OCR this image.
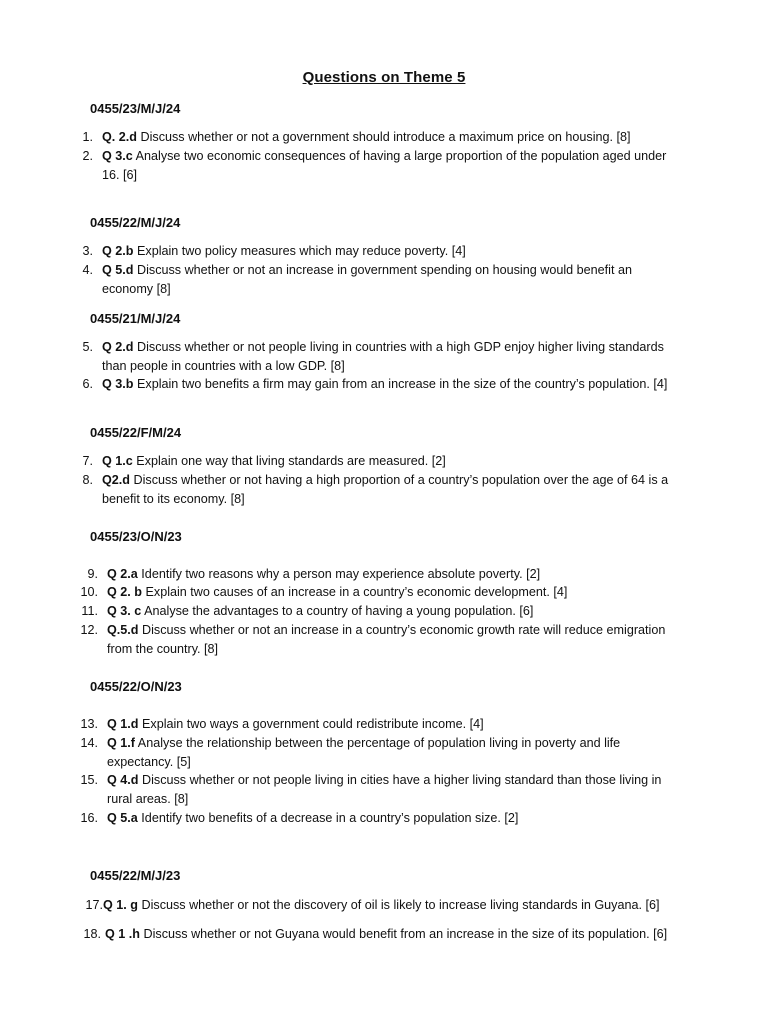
Questions on Theme 5
0455/23/M/J/24
1. Q. 2.d Discuss whether or not a government should introduce a maximum price on housing. [8]
2. Q 3.c Analyse two economic consequences of having a large proportion of the population aged under 16. [6]
0455/22/M/J/24
3. Q 2.b Explain two policy measures which may reduce poverty. [4]
4. Q 5.d Discuss whether or not an increase in government spending on housing would benefit an economy [8]
0455/21/M/J/24
5. Q 2.d Discuss whether or not people living in countries with a high GDP enjoy higher living standards than people in countries with a low GDP. [8]
6. Q 3.b Explain two benefits a firm may gain from an increase in the size of the country’s population. [4]
0455/22/F/M/24
7. Q 1.c Explain one way that living standards are measured. [2]
8. Q2.d Discuss whether or not having a high proportion of a country’s population over the age of 64 is a benefit to its economy. [8]
0455/23/O/N/23
9. Q 2.a Identify two reasons why a person may experience absolute poverty. [2]
10. Q 2. b Explain two causes of an increase in a country’s economic development. [4]
11. Q 3. c Analyse the advantages to a country of having a young population. [6]
12. Q.5.d Discuss whether or not an increase in a country’s economic growth rate will reduce emigration from the country. [8]
0455/22/O/N/23
13. Q 1.d Explain two ways a government could redistribute income. [4]
14. Q 1.f Analyse the relationship between the percentage of population living in poverty and life expectancy. [5]
15. Q 4.d Discuss whether or not people living in cities have a higher living standard than those living in rural areas. [8]
16. Q 5.a Identify two benefits of a decrease in a country’s population size. [2]
0455/22/M/J/23
17. Q 1. g Discuss whether or not the discovery of oil is likely to increase living standards in Guyana. [6]
18. Q 1 .h Discuss whether or not Guyana would benefit from an increase in the size of its population. [6]
